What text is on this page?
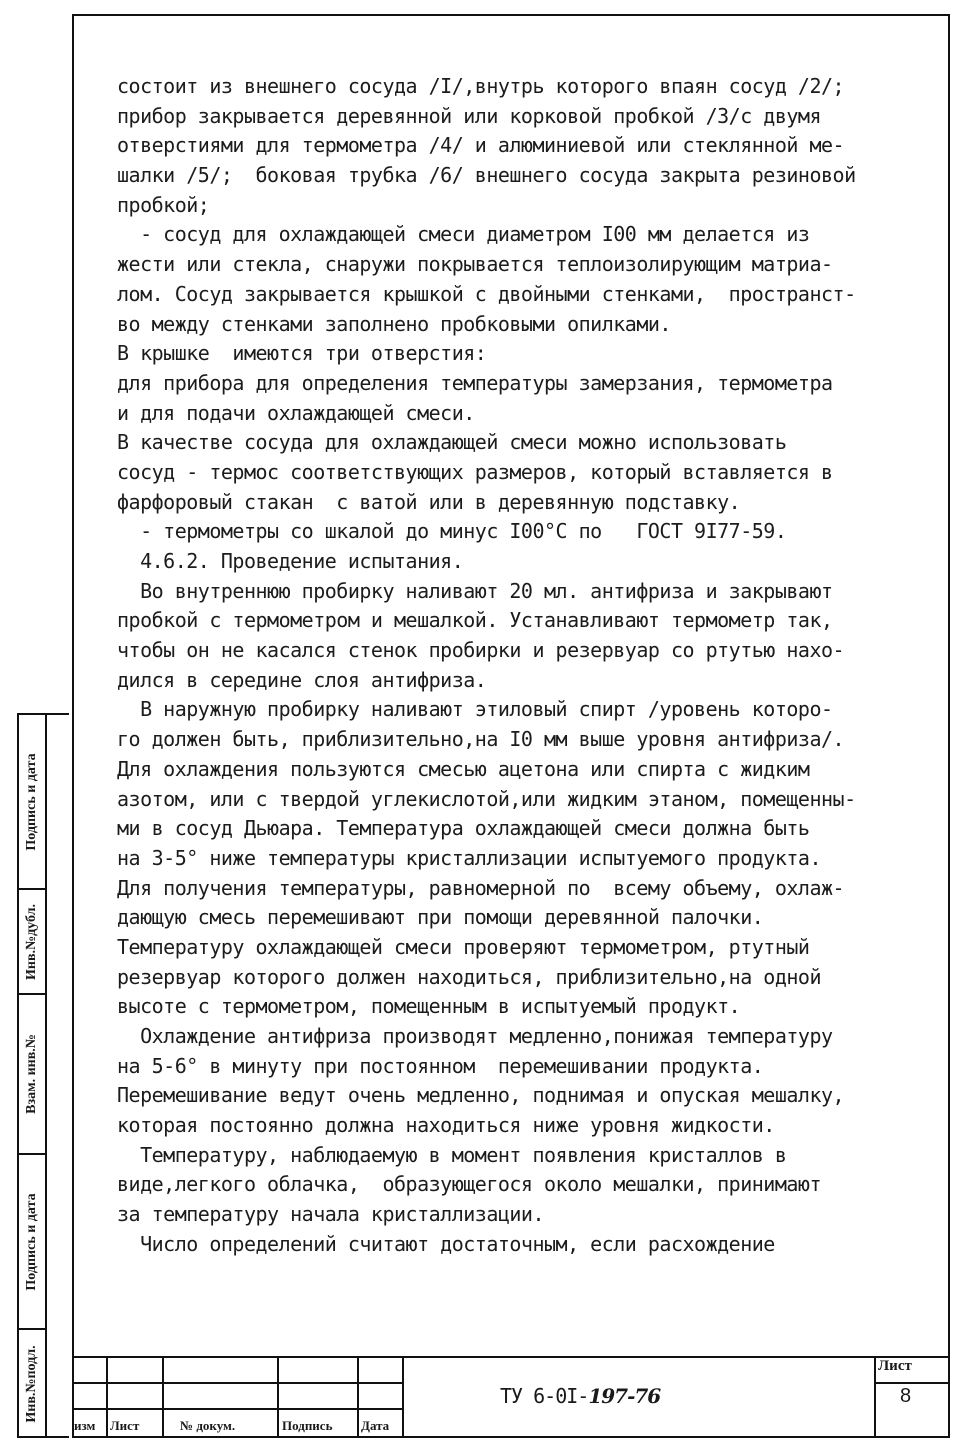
состоит из внешнего сосуда /I/,внутрь которого впаян сосуд /2/;
прибор закрывается деревянной или корковой пробкой /3/с двумя
отверстиями для термометра /4/ и алюминиевой или стеклянной ме-
шалки /5/;  боковая трубка /6/ внешнего сосуда закрыта резиновой
пробкой;
- сосуд для охлаждающей смеси диаметром I00 мм делается из
жести или стекла, снаружи покрывается теплоизолирующим матриа-
лом. Сосуд закрывается крышкой с двойными стенками,  пространст-
во между стенками заполнено пробковыми опилками.
В крышке  имеются три отверстия:
для прибора для определения температуры замерзания, термометра
и для подачи охлаждающей смеси.
В качестве сосуда для охлаждающей смеси можно использовать
сосуд - термос соответствующих размеров, который вставляется в
фарфоровый стакан  с ватой или в деревянную подставку.
- термометры со шкалой до минус I00°С по   ГОСТ 9I77-59.
4.6.2. Проведение испытания.
Во внутреннюю пробирку наливают 20 мл. антифриза и закрывают
пробкой с термометром и мешалкой. Устанавливают термометр так,
чтобы он не касался стенок пробирки и резервуар со ртутью нахо-
дился в середине слоя антифриза.
В наружную пробирку наливают этиловый спирт /уровень которо-
го должен быть, приблизительно,на I0 мм выше уровня антифриза/.
Для охлаждения пользуются смесью ацетона или спирта с жидким
азотом, или с твердой углекислотой,или жидким этаном, помещенны-
ми в сосуд Дьюара. Температура охлаждающей смеси должна быть
на 3-5° ниже температуры кристаллизации испытуемого продукта.
Для получения температуры, равномерной по  всему объему, охлаж-
дающую смесь перемешивают при помощи деревянной палочки.
Температуру охлаждающей смеси проверяют термометром, ртутный
резервуар которого должен находиться, приблизительно,на одной
высоте с термометром, помещенным в испытуемый продукт.
Охлаждение антифриза производят медленно,понижая температуру
на 5-6° в минуту при постоянном  перемешивании продукта.
Перемешивание ведут очень медленно, поднимая и опуская мешалку,
которая постоянно должна находиться ниже уровня жидкости.
Температуру, наблюдаемую в момент появления кристаллов в
виде,легкого облачка,  образующегося около мешалки, принимают
за температуру начала кристаллизации.
Число определений считают достаточным, если расхождение
Подпись и дата
Инв.№дубл.
Взам. инв.№
Подпись и дата
Инв.№подл.
изм Лист	№ докум.	Подпись Дата
ТУ 6-0I-197-76
Лист
8
